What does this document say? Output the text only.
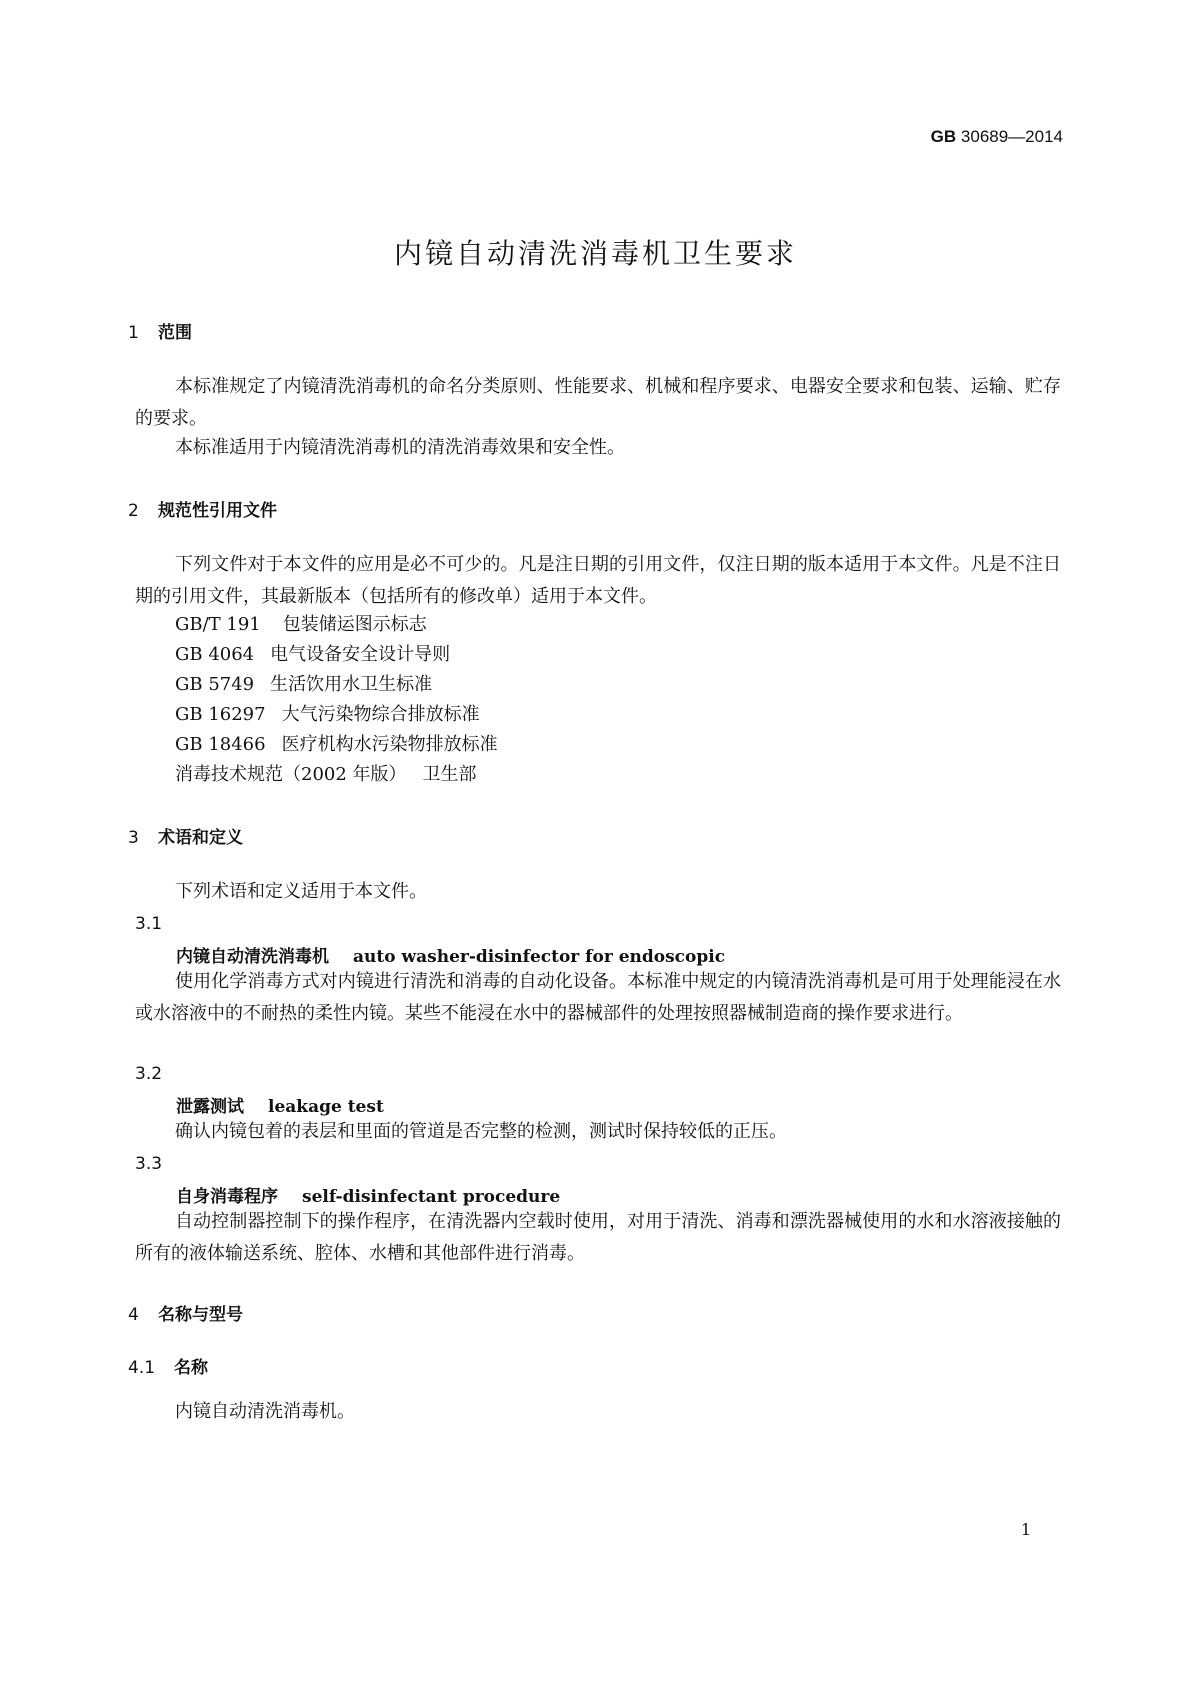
GB 30689—2014
内镜自动清洗消毒机卫生要求
1 范围
本标准规定了内镜清洗消毒机的命名分类原则、性能要求、机械和程序要求、电器安全要求和包装、运输、贮存的要求。
本标准适用于内镜清洗消毒机的清洗消毒效果和安全性。
2 规范性引用文件
下列文件对于本文件的应用是必不可少的。凡是注日期的引用文件，仅注日期的版本适用于本文件。凡是不注日期的引用文件，其最新版本（包括所有的修改单）适用于本文件。
GB/T 191 包装储运图示标志
GB 4064 电气设备安全设计导则
GB 5749 生活饮用水卫生标准
GB 16297 大气污染物综合排放标准
GB 18466 医疗机构水污染物排放标准
消毒技术规范（2002 年版） 卫生部
3 术语和定义
下列术语和定义适用于本文件。
3.1
内镜自动清洗消毒机 auto washer-disinfector for endoscopic
使用化学消毒方式对内镜进行清洗和消毒的自动化设备。本标准中规定的内镜清洗消毒机是可用于处理能浸在水或水溶液中的不耐热的柔性内镜。某些不能浸在水中的器械部件的处理按照器械制造商的操作要求进行。
3.2
泄露测试 leakage test
确认内镜包着的表层和里面的管道是否完整的检测，测试时保持较低的正压。
3.3
自身消毒程序 self-disinfectant procedure
自动控制器控制下的操作程序，在清洗器内空载时使用，对用于清洗、消毒和漂洗器械使用的水和水溶液接触的所有的液体输送系统、腔体、水槽和其他部件进行消毒。
4 名称与型号
4.1 名称
内镜自动清洗消毒机。
1
